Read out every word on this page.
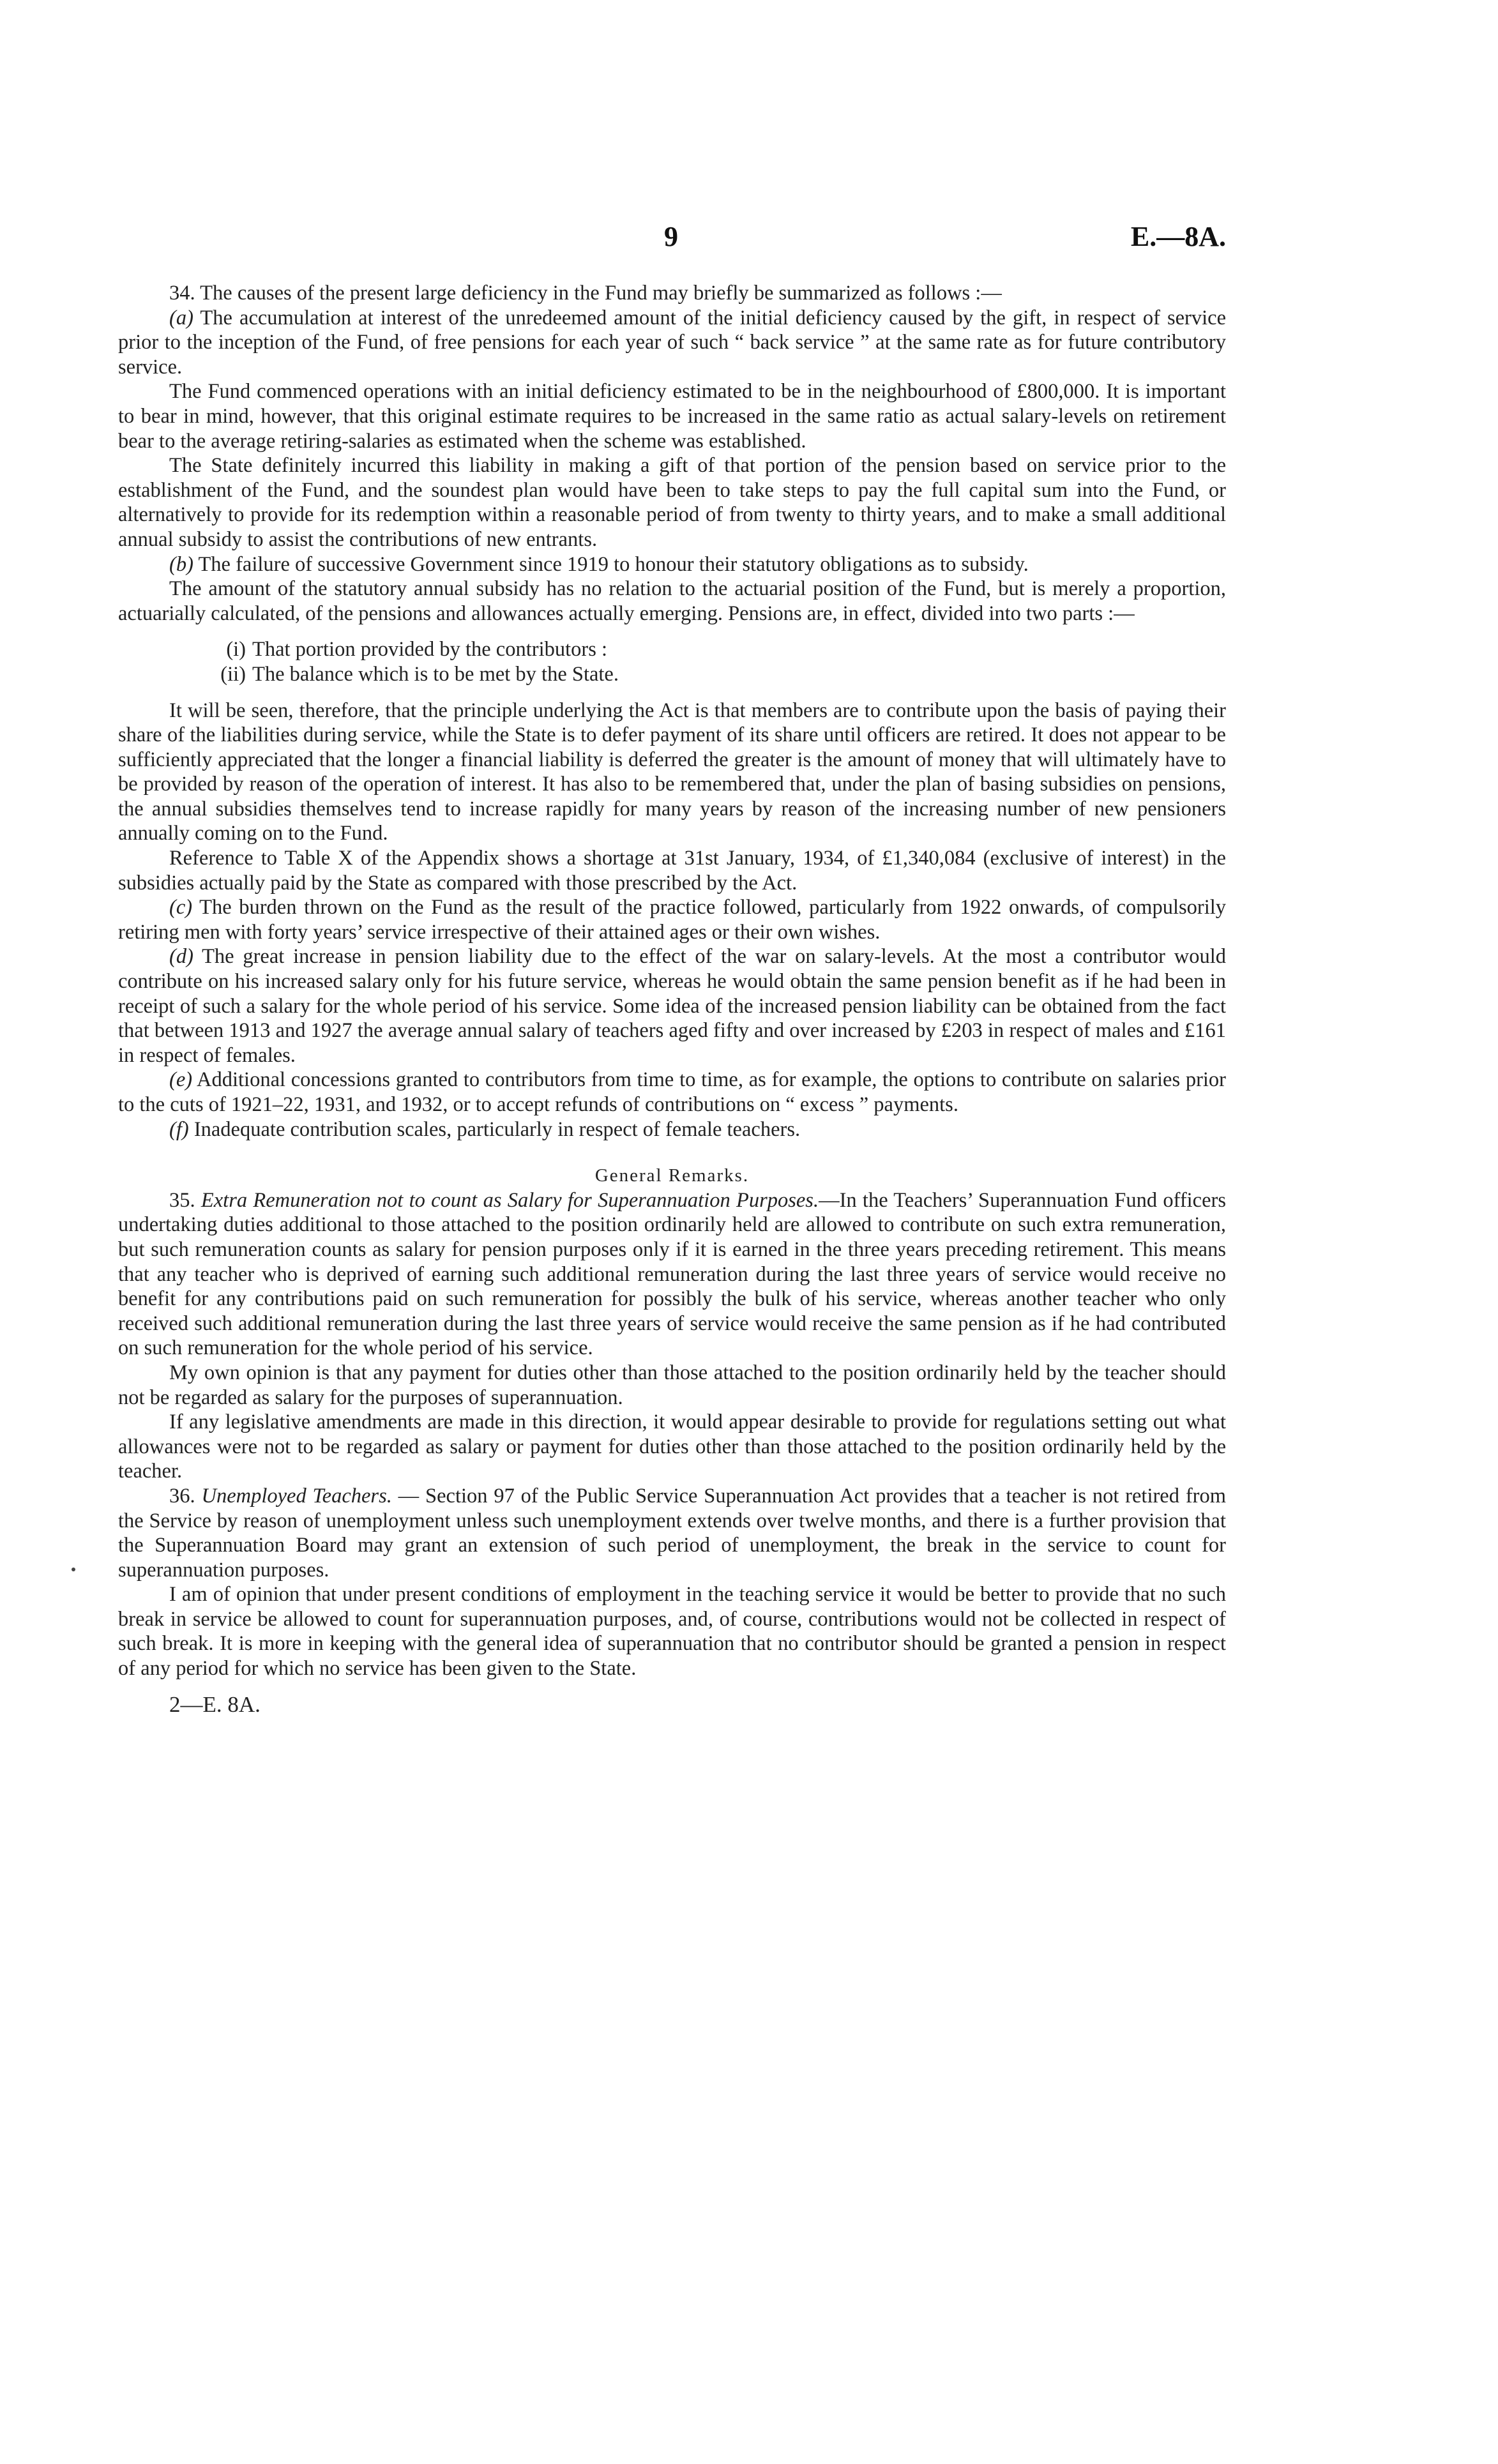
9	E.—8A.

34. The causes of the present large deficiency in the Fund may briefly be summarized as follows :—

(a) The accumulation at interest of the unredeemed amount of the initial deficiency caused by the gift, in respect of service prior to the inception of the Fund, of free pensions for each year of such “ back service ” at the same rate as for future contributory service.

The Fund commenced operations with an initial deficiency estimated to be in the neighbourhood of £800,000. It is important to bear in mind, however, that this original estimate requires to be increased in the same ratio as actual salary-levels on retirement bear to the average retiring-salaries as estimated when the scheme was established.

The State definitely incurred this liability in making a gift of that portion of the pension based on service prior to the establishment of the Fund, and the soundest plan would have been to take steps to pay the full capital sum into the Fund, or alternatively to provide for its redemption within a reasonable period of from twenty to thirty years, and to make a small additional annual subsidy to assist the contributions of new entrants.

(b) The failure of successive Government since 1919 to honour their statutory obligations as to subsidy.

The amount of the statutory annual subsidy has no relation to the actuarial position of the Fund, but is merely a proportion, actuarially calculated, of the pensions and allowances actually emerging. Pensions are, in effect, divided into two parts :—

(i) That portion provided by the contributors :

(ii) The balance which is to be met by the State.

It will be seen, therefore, that the principle underlying the Act is that members are to contribute upon the basis of paying their share of the liabilities during service, while the State is to defer payment of its share until officers are retired. It does not appear to be sufficiently appreciated that the longer a financial liability is deferred the greater is the amount of money that will ultimately have to be provided by reason of the operation of interest. It has also to be remembered that, under the plan of basing subsidies on pensions, the annual subsidies themselves tend to increase rapidly for many years by reason of the increasing number of new pensioners annually coming on to the Fund.

Reference to Table X of the Appendix shows a shortage at 31st January, 1934, of £1,340,084 (exclusive of interest) in the subsidies actually paid by the State as compared with those prescribed by the Act.

(c) The burden thrown on the Fund as the result of the practice followed, particularly from 1922 onwards, of compulsorily retiring men with forty years’ service irrespective of their attained ages or their own wishes.

(d) The great increase in pension liability due to the effect of the war on salary-levels. At the most a contributor would contribute on his increased salary only for his future service, whereas he would obtain the same pension benefit as if he had been in receipt of such a salary for the whole period of his service. Some idea of the increased pension liability can be obtained from the fact that between 1913 and 1927 the average annual salary of teachers aged fifty and over increased by £203 in respect of males and £161 in respect of females.

(e) Additional concessions granted to contributors from time to time, as for example, the options to contribute on salaries prior to the cuts of 1921–22, 1931, and 1932, or to accept refunds of contributions on “ excess ” payments.

(f) Inadequate contribution scales, particularly in respect of female teachers.

General Remarks.

35. Extra Remuneration not to count as Salary for Superannuation Purposes.—In the Teachers’ Superannuation Fund officers undertaking duties additional to those attached to the position ordinarily held are allowed to contribute on such extra remuneration, but such remuneration counts as salary for pension purposes only if it is earned in the three years preceding retirement. This means that any teacher who is deprived of earning such additional remuneration during the last three years of service would receive no benefit for any contributions paid on such remuneration for possibly the bulk of his service, whereas another teacher who only received such additional remuneration during the last three years of service would receive the same pension as if he had contributed on such remuneration for the whole period of his service.

My own opinion is that any payment for duties other than those attached to the position ordinarily held by the teacher should not be regarded as salary for the purposes of superannuation.

If any legislative amendments are made in this direction, it would appear desirable to provide for regulations setting out what allowances were not to be regarded as salary or payment for duties other than those attached to the position ordinarily held by the teacher.

36. Unemployed Teachers. — Section 97 of the Public Service Superannuation Act provides that a teacher is not retired from the Service by reason of unemployment unless such unemployment extends over twelve months, and there is a further provision that the Superannuation Board may grant an extension of such period of unemployment, the break in the service to count for superannuation purposes.

I am of opinion that under present conditions of employment in the teaching service it would be better to provide that no such break in service be allowed to count for superannuation purposes, and, of course, contributions would not be collected in respect of such break. It is more in keeping with the general idea of superannuation that no contributor should be granted a pension in respect of any period for which no service has been given to the State.

2—E. 8A.
